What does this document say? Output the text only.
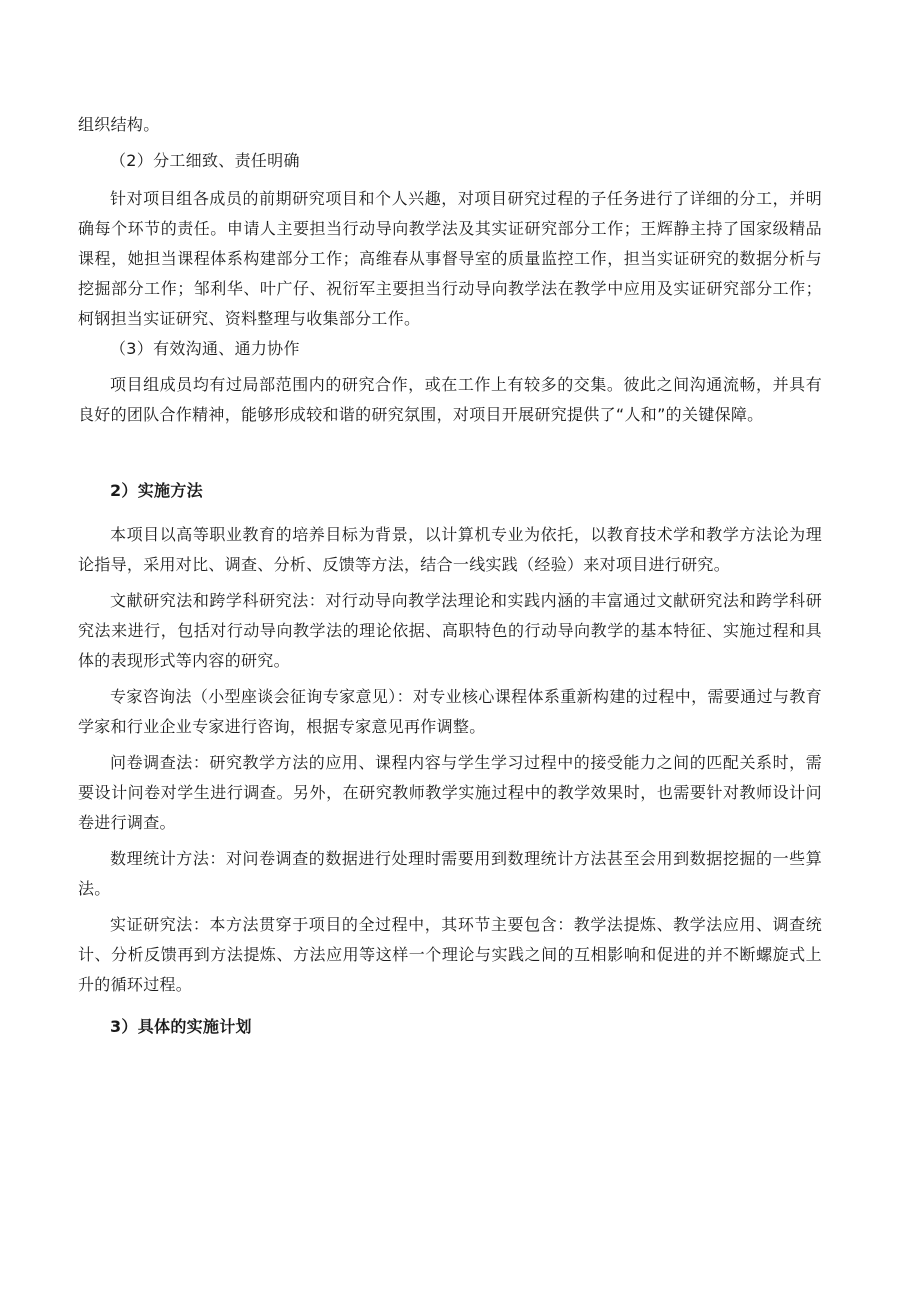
组织结构。

（2）分工细致、责任明确

针对项目组各成员的前期研究项目和个人兴趣，对项目研究过程的子任务进行了详细的分工，并明确每个环节的责任。申请人主要担当行动导向教学法及其实证研究部分工作；王辉静主持了国家级精品课程，她担当课程体系构建部分工作；高维春从事督导室的质量监控工作，担当实证研究的数据分析与挖掘部分工作；邹利华、叶广仔、祝衍军主要担当行动导向教学法在教学中应用及实证研究部分工作；柯钢担当实证研究、资料整理与收集部分工作。

（3）有效沟通、通力协作

项目组成员均有过局部范围内的研究合作，或在工作上有较多的交集。彼此之间沟通流畅，并具有良好的团队合作精神，能够形成较和谐的研究氛围，对项目开展研究提供了“人和”的关键保障。

2）实施方法

本项目以高等职业教育的培养目标为背景，以计算机专业为依托，以教育技术学和教学方法论为理论指导，采用对比、调查、分析、反馈等方法，结合一线实践（经验）来对项目进行研究。

文献研究法和跨学科研究法：对行动导向教学法理论和实践内涵的丰富通过文献研究法和跨学科研究法来进行，包括对行动导向教学法的理论依据、高职特色的行动导向教学的基本特征、实施过程和具体的表现形式等内容的研究。

专家咨询法（小型座谈会征询专家意见）：对专业核心课程体系重新构建的过程中，需要通过与教育学家和行业企业专家进行咨询，根据专家意见再作调整。

问卷调查法：研究教学方法的应用、课程内容与学生学习过程中的接受能力之间的匹配关系时，需要设计问卷对学生进行调查。另外，在研究教师教学实施过程中的教学效果时，也需要针对教师设计问卷进行调查。

数理统计方法：对问卷调查的数据进行处理时需要用到数理统计方法甚至会用到数据挖掘的一些算法。

实证研究法：本方法贯穿于项目的全过程中，其环节主要包含：教学法提炼、教学法应用、调查统计、分析反馈再到方法提炼、方法应用等这样一个理论与实践之间的互相影响和促进的并不断螺旋式上升的循环过程。

3）具体的实施计划
